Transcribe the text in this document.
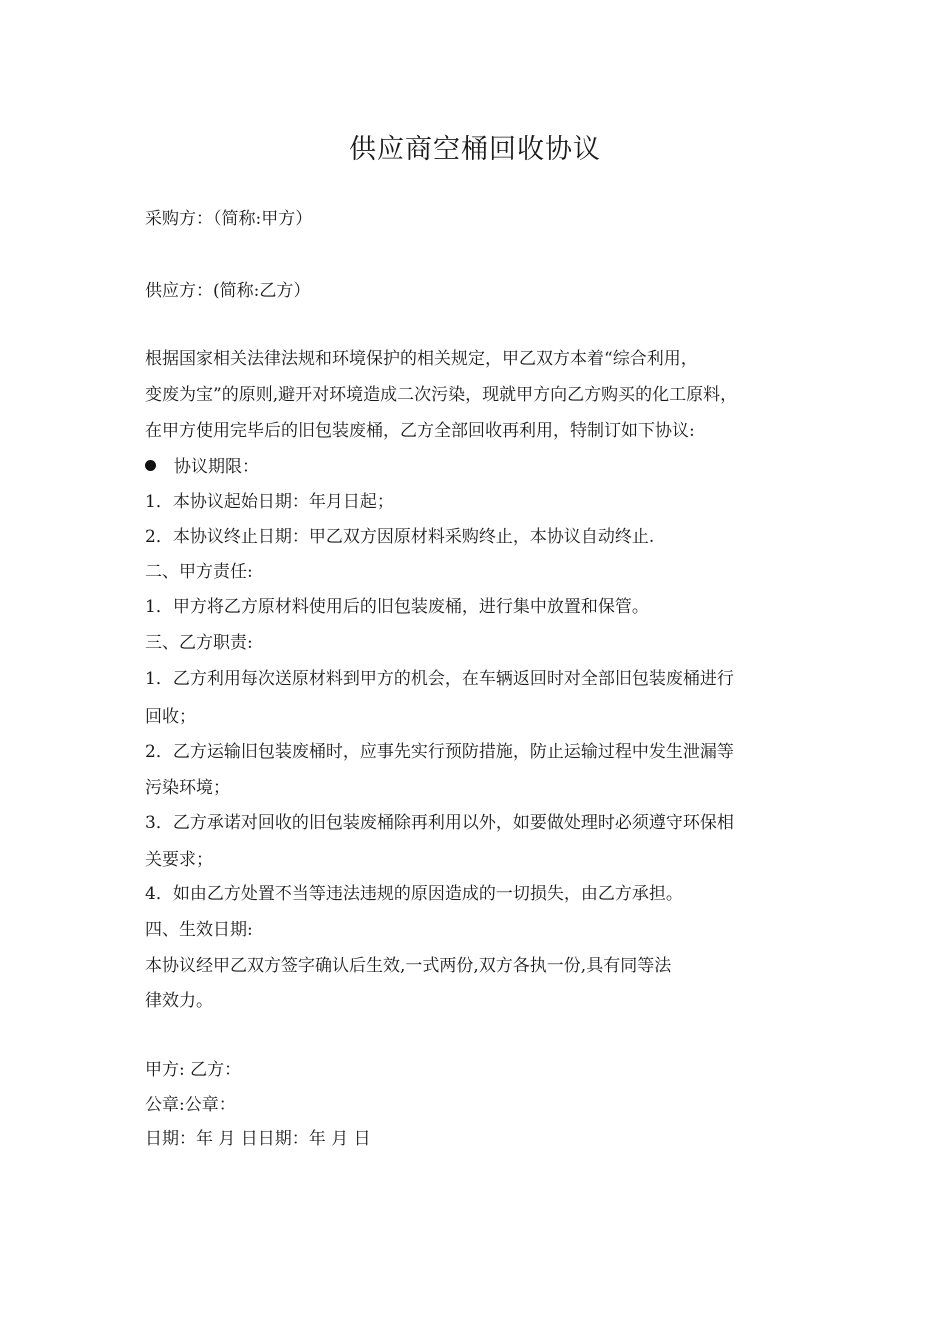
供应商空桶回收协议
采购方：（简称:甲方）
供应方：(简称:乙方）
根据国家相关法律法规和环境保护的相关规定，甲乙双方本着“综合利用，
变废为宝”的原则,避开对环境造成二次污染，现就甲方向乙方购买的化工原料，
在甲方使用完毕后的旧包装废桶，乙方全部回收再利用，特制订如下协议:
协议期限：
1．本协议起始日期：年月日起；
2．本协议终止日期：甲乙双方因原材料采购终止，本协议自动终止.
二、甲方责任:
1．甲方将乙方原材料使用后的旧包装废桶，进行集中放置和保管。
三、乙方职责:
1．乙方利用每次送原材料到甲方的机会，在车辆返回时对全部旧包装废桶进行
回收；
2．乙方运输旧包装废桶时，应事先实行预防措施，防止运输过程中发生泄漏等
污染环境；
3．乙方承诺对回收的旧包装废桶除再利用以外，如要做处理时必须遵守环保相
关要求；
4．如由乙方处置不当等违法违规的原因造成的一切损失，由乙方承担。
四、生效日期:
本协议经甲乙双方签字确认后生效,一式两份,双方各执一份,具有同等法
律效力。
甲方: 乙方：
公章:公章：
日期：年 月 日日期：年 月 日
